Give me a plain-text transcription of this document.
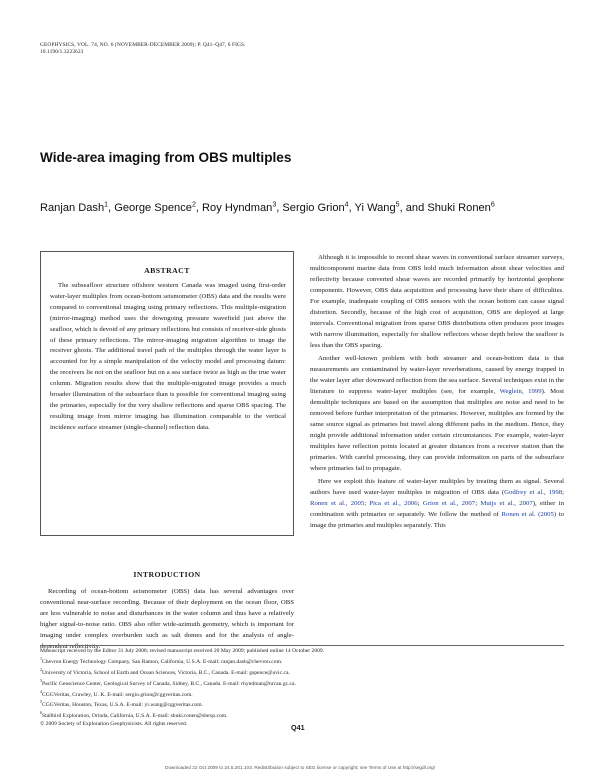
GEOPHYSICS, VOL. 74, NO. 6 (NOVEMBER-DECEMBER 2009); P. Q41–Q47, 6 FIGS.
10.1190/1.3223623
Wide-area imaging from OBS multiples
Ranjan Dash$^1$, George Spence$^2$, Roy Hyndman$^3$, Sergio Grion$^4$, Yi Wang$^5$, and Shuki Ronen$^6$
ABSTRACT

The subseafloor structure offshore western Canada was imaged using first-order water-layer multiples from ocean-bottom seismometer (OBS) data and the results were compared to conventional imaging using primary reflections. This multiple-migration (mirror-imaging) method uses the downgoing pressure wavefield just above the seafloor, which is devoid of any primary reflections but consists of receiver-side ghosts of these primary reflections. The mirror-imaging migration algorithm to image the receiver ghosts. The additional travel path of the multiples through the water layer is accounted for by a simple manipulation of the velocity model and processing datum: the receivers lie not on the seafloor but on a sea surface twice as high as the true water column. Migration results show that the multiple-migrated image provides a much broader illumination of the subsurface than is possible for conventional imaging using the primaries, especially for the very shallow reflections and sparse OBS spacing. The resulting image from mirror imaging has illumination comparable to the vertical incidence surface streamer (single-channel) reflection data.

INTRODUCTION

Recording of ocean-bottom seismometer (OBS) data has several advantages over conventional near-surface recording. Because of their deployment on the ocean floor, OBS are less vulnerable to noise and disturbances in the water column and thus have a relatively higher signal-to-noise ratio. OBS also offer wide-azimuth geometry, which is important for imaging under complex overburden such as salt domes and for the analysis of angle-dependent reflectivity.

Although it is impossible to record shear waves in conventional surface streamer surveys, multicomponent marine data from OBS hold much information about shear velocities and reflectivity because converted shear waves are recorded primarily by horizontal geophone components. However, OBS data acquisition and processing have their share of difficulties. For example, inadequate coupling of OBS sensors with the ocean bottom can cause signal distortion. Secondly, because of the high cost of acquisition, OBS are deployed at large intervals. Conventional migration from sparse OBS distributions often produces poor images with narrow illumination, especially for shallow reflectors whose depth below the seafloor is less than the OBS spacing.

Another well-known problem with both streamer and ocean-bottom data is that measurements are contaminated by water-layer reverberations, caused by energy trapped in the water layer after downward reflection from the sea surface. Several techniques exist in the literature to suppress water-layer multiples (see, for example, Weglein, 1999). Most demultiple techniques are based on the assumption that multiples are noise and need to be removed before further interpretation of the primaries. However, multiples are formed by the same source signal as primaries but travel along different paths in the medium. Hence, they might provide additional information under certain circumstances. For example, water-layer multiples have reflection points located at greater distances from a receiver station than the primaries. With careful processing, they can provide information on parts of the subsurface where primaries fail to propagate.

Here we exploit this feature of water-layer multiples by treating them as signal. Several authors have used water-layer multiples in migration of OBS data (Godfrey et al., 1998; Ronen et al., 2005; Pica et al., 2006; Grion et al., 2007; Muijs et al., 2007), either in combination with primaries or separately. We follow the method of Ronen et al. (2005) to image the primaries and multiples separately. This

Manuscript received by the Editor 31 July 2008; revised manuscript received 20 May 2009; published online 14 October 2009.
$^1$Chevron Energy Technology Company, San Ramon, California, U.S.A. E-mail: ranjan.dash@chevron.com.
$^2$University of Victoria, School of Earth and Ocean Sciences, Victoria, B.C., Canada. E-mail: gspence@uvic.ca.
$^3$Pacific Geoscience Center, Geological Survey of Canada, Sidney, B.C., Canada. E-mail: rhyndman@nrcan.gc.ca.
$^4$CGGVeritas, Crawley, U. K. E-mail: sergio.grion@cggveritas.com.
$^5$CGGVeritas, Houston, Texas, U.S.A. E-mail: yi.wang@cggveritas.com.
$^6$Stallbird Exploration, Orinda, California, U.S.A. E-mail: shuki.ronen@sbexp.com.
© 2009 Society of Exploration Geophysicists. All rights reserved.	Q41
Downloaded 22 Oct 2009 to 24.5.201.103. Redistribution subject to SEG license or copyright; see Terms of Use at http://segdl.org/
